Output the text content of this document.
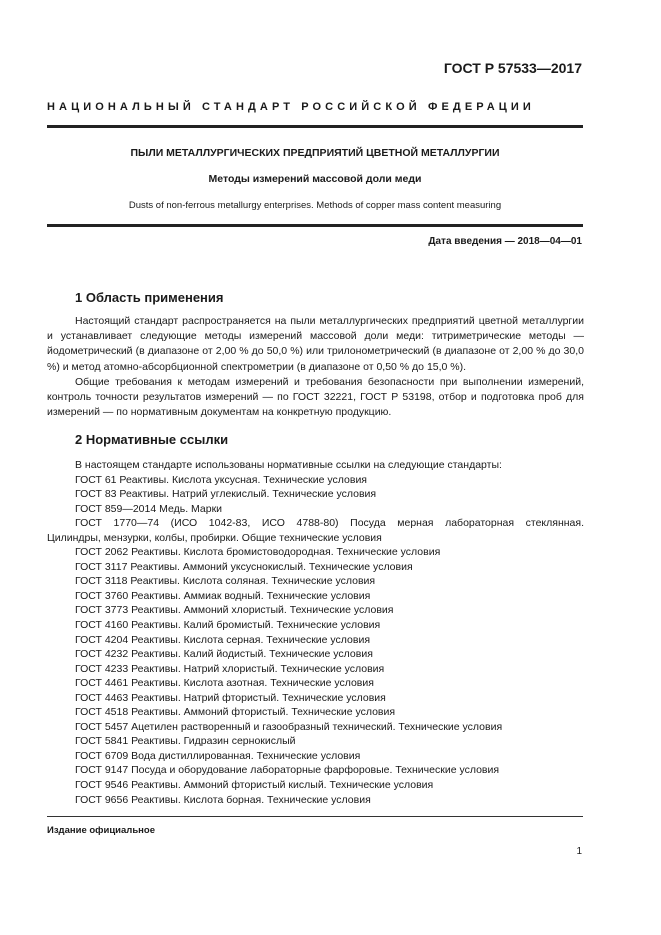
ГОСТ Р 57533—2017
НАЦИОНАЛЬНЫЙ СТАНДАРТ РОССИЙСКОЙ ФЕДЕРАЦИИ
ПЫЛИ МЕТАЛЛУРГИЧЕСКИХ ПРЕДПРИЯТИЙ ЦВЕТНОЙ МЕТАЛЛУРГИИ
Методы измерений массовой доли меди
Dusts of non-ferrous metallurgy enterprises. Methods of copper mass content measuring
Дата введения — 2018—04—01
1 Область применения

Настоящий стандарт распространяется на пыли металлургических предприятий цветной металлургии и устанавливает следующие методы измерений массовой доли меди: титриметрические методы — йодометрический (в диапазоне от 2,00 % до 50,0 %) или трилонометрический (в диапазоне от 2,00 % до 30,0 %) и метод атомно-абсорбционной спектрометрии (в диапазоне от 0,50 % до 15,0 %).

Общие требования к методам измерений и требования безопасности при выполнении измерений, контроль точности результатов измерений — по ГОСТ 32221, ГОСТ Р 53198, отбор и подготовка проб для измерений — по нормативным документам на конкретную продукцию.

2 Нормативные ссылки
В настоящем стандарте использованы нормативные ссылки на следующие стандарты:
ГОСТ 61 Реактивы. Кислота уксусная. Технические условия
ГОСТ 83 Реактивы. Натрий углекислый. Технические условия
ГОСТ 859—2014 Медь. Марки
ГОСТ 1770—74 (ИСО 1042-83, ИСО 4788-80) Посуда мерная лабораторная стеклянная.
Цилиндры, мензурки, колбы, пробирки. Общие технические условия
ГОСТ 2062 Реактивы. Кислота бромистоводородная. Технические условия
ГОСТ 3117 Реактивы. Аммоний уксуснокислый. Технические условия
ГОСТ 3118 Реактивы. Кислота соляная. Технические условия
ГОСТ 3760 Реактивы. Аммиак водный. Технические условия
ГОСТ 3773 Реактивы. Аммоний хлористый. Технические условия
ГОСТ 4160 Реактивы. Калий бромистый. Технические условия
ГОСТ 4204 Реактивы. Кислота серная. Технические условия
ГОСТ 4232 Реактивы. Калий йодистый. Технические условия
ГОСТ 4233 Реактивы. Натрий хлористый. Технические условия
ГОСТ 4461 Реактивы. Кислота азотная. Технические условия
ГОСТ 4463 Реактивы. Натрий фтористый. Технические условия
ГОСТ 4518 Реактивы. Аммоний фтористый. Технические условия
ГОСТ 5457 Ацетилен растворенный и газообразный технический. Технические условия
ГОСТ 5841 Реактивы. Гидразин сернокислый
ГОСТ 6709 Вода дистиллированная. Технические условия
ГОСТ 9147 Посуда и оборудование лабораторные фарфоровые. Технические условия
ГОСТ 9546 Реактивы. Аммоний фтористый кислый. Технические условия
ГОСТ 9656 Реактивы. Кислота борная. Технические условия
Издание официальное
1
